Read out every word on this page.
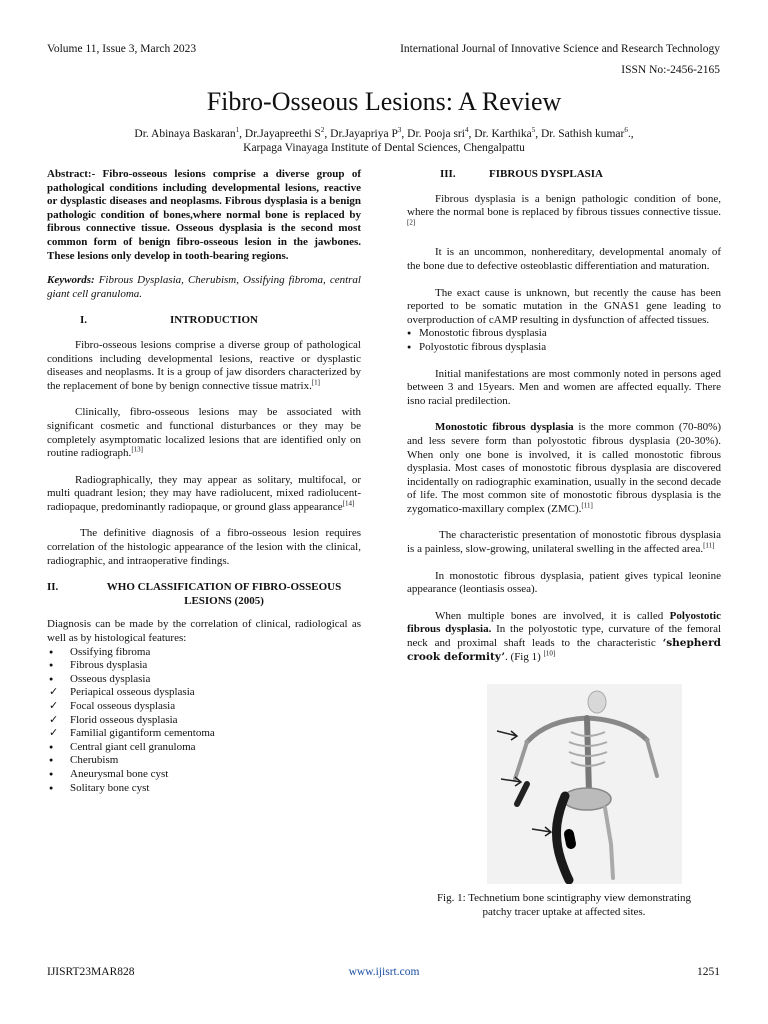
Volume 11, Issue 3, March 2023	International Journal of Innovative Science and Research Technology
ISSN No:-2456-2165
Fibro-Osseous Lesions: A Review
Dr. Abinaya Baskaran$^1$, Dr.Jayapreethi $S^2$, Dr.Jayapriya $P^3$, Dr. Pooja sri$^4$, Dr. Karthika$^5$, Dr. Sathish kumar$^6$.,
Karpaga Vinayaga Institute of Dental Sciences, Chengalpattu

Abstract:- Fibro-osseous lesions comprise a diverse group of pathological conditions including developmental lesions, reactive or dysplastic diseases and neoplasms. Fibrous dysplasia is a benign pathologic condition of bones,where normal bone is replaced by fibrous connective tissue. Osseous dysplasia is the second most common form of benign fibro-osseous lesion in the jawbones. These lesions only develop in tooth-bearing regions.

Keywords: Fibrous Dysplasia, Cherubism, Ossifying fibroma, central giant cell granuloma.

I.	INTRODUCTION

Fibro-osseous lesions comprise a diverse group of pathological conditions including developmental lesions, reactive or dysplastic diseases and neoplasms. It is a group of jaw disorders characterized by the replacement of bone by benign connective tissue matrix.[1]

Clinically, fibro-osseous lesions may be associated with significant cosmetic and functional disturbances or they may be completely asymptomatic localized lesions that are identified only on routine radiograph.[13]

Radiographically, they may appear as solitary, multifocal, or multi quadrant lesion; they may have radiolucent, mixed radiolucent-radiopaque, predominantly radiopaque, or ground glass appearance[14]

The definitive diagnosis of a fibro-osseous lesion requires correlation of the histologic appearance of the lesion with the clinical, radiographic, and intraoperative findings.

II.	WHO CLASSIFICATION OF FIBRO-OSSEOUS
LESIONS (2005)

Diagnosis can be made by the correlation of clinical, radiological as well as by histological features:

●	Ossifying fibroma
●	Fibrous dysplasia
●	Osseous dysplasia
✓	Periapical osseous dysplasia
✓	Focal osseous dysplasia
✓	Florid osseous dysplasia
✓	Familial gigantiform cementoma
●	Central giant cell granuloma
●	Cherubism
●	Aneurysmal bone cyst
●	Solitary bone cyst
III.	FIBROUS DYSPLASIA

Fibrous dysplasia is a benign pathologic condition of bone, where the normal bone is replaced by fibrous tissues connective tissue.[2]

It is an uncommon, nonhereditary, developmental anomaly of the bone due to defective osteoblastic differentiation and maturation.

The exact cause is unknown, but recently the cause has been reported to be somatic mutation in the GNAS1 gene leading to overproduction of cAMP resulting in dysfunction of affected tissues.

● Monostotic fibrous dysplasia
● Polyostotic fibrous dysplasia

Initial manifestations are most commonly noted in persons aged between 3 and 15years. Men and women are affected equally. There isno racial predilection.

Monostotic fibrous dysplasia is the more common (70-80%) and less severe form than polyostotic fibrous dysplasia (20-30%). When only one bone is involved, it is called monostotic fibrous dysplasia. Most cases of monostotic fibrous dysplasia are discovered incidentally on radiographic examination, usually in the second decade of life. The most common site of monostotic fibrous dysplasia is the zygomatico-maxillary complex (ZMC).[11]

The characteristic presentation of monostotic fibrous dysplasia is a painless, slow-growing, unilateral swelling in the affected area.[11]

In monostotic fibrous dysplasia, patient gives typical leonine appearance (leontiasis ossea).

When multiple bones are involved, it is called Polyostotic fibrous dysplasia. In the polyostotic type, curvature of the femoral neck and proximal shaft leads to the characteristic ‘shepherd crook deformity’. (Fig 1) [10]

Fig. 1: Technetium bone scintigraphy view demonstrating
patchy tracer uptake at affected sites.
IJISRT23MAR828	www.ijisrt.com	1251
